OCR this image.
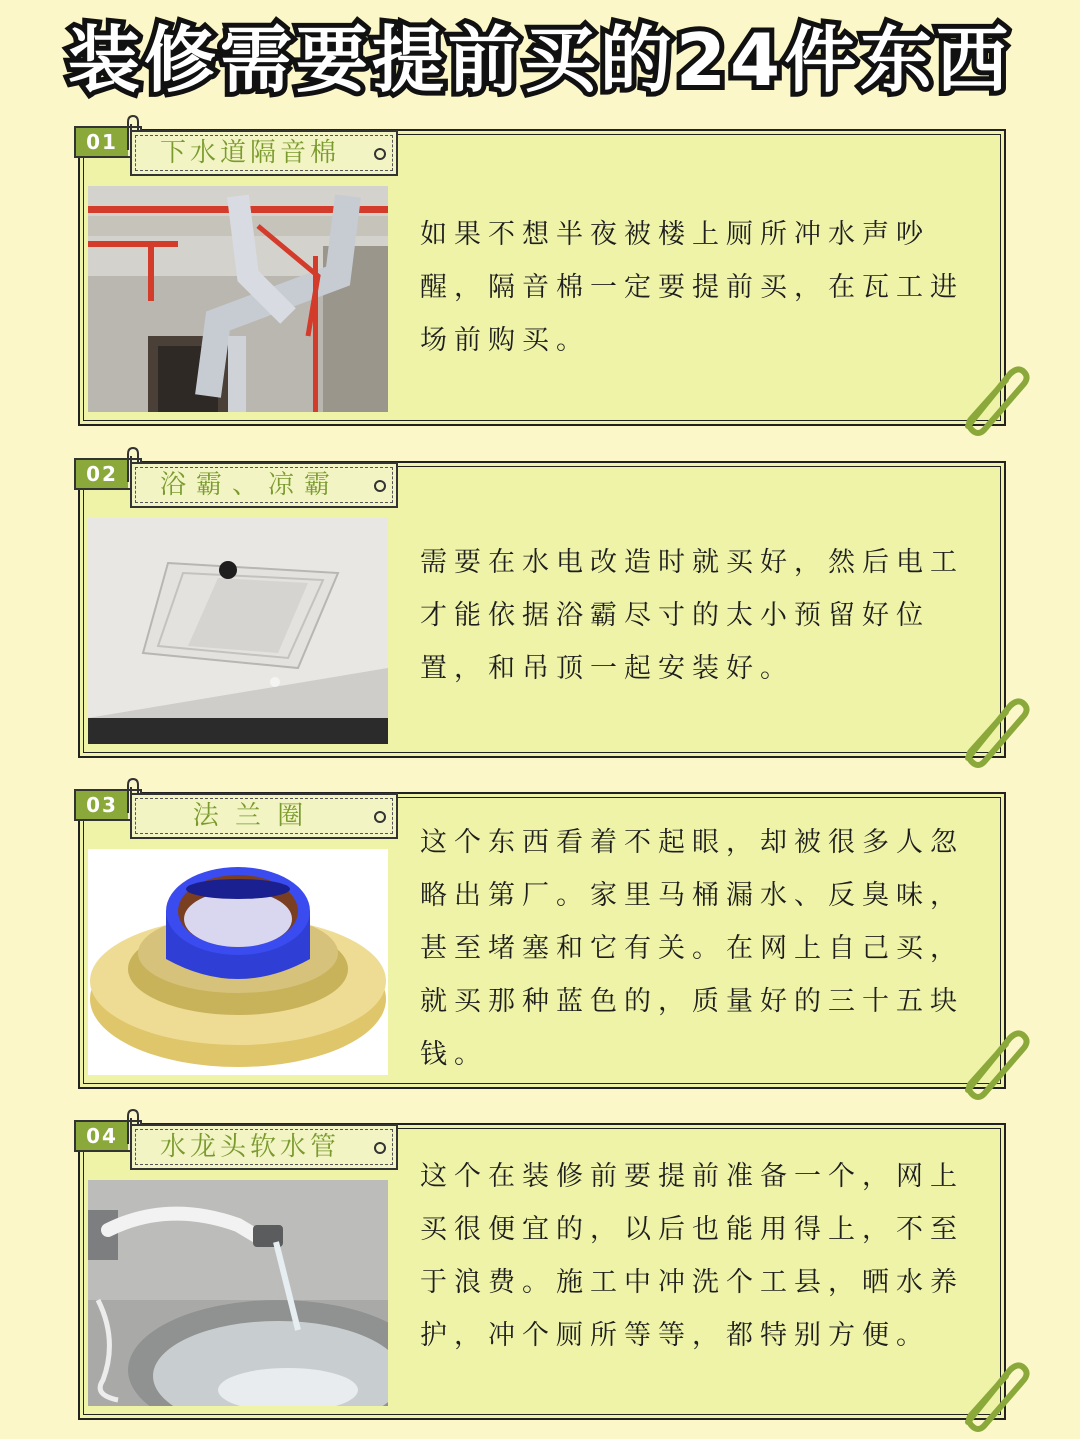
装修需要提前买的24件东西
01	下水道隔音棉
如果不想半夜被楼上厕所冲水声吵醒，隔音棉一定要提前买，在瓦工进场前购买。
02	浴霸、凉霸
需要在水电改造时就买好，然后电工才能依据浴霸尽寸的太小预留好位置，和吊顶一起安装好。
03	法 兰 圈
这个东西看着不起眼，却被很多人忽略出第厂。家里马桶漏水、反臭味，甚至堵塞和它有关。在网上自己买，就买那种蓝色的，质量好的三十五块钱。
04	水龙头软水管
这个在装修前要提前准备一个，网上买很便宜的，以后也能用得上，不至于浪费。施工中冲洗个工县，晒水养护，冲个厕所等等，都特别方便。
